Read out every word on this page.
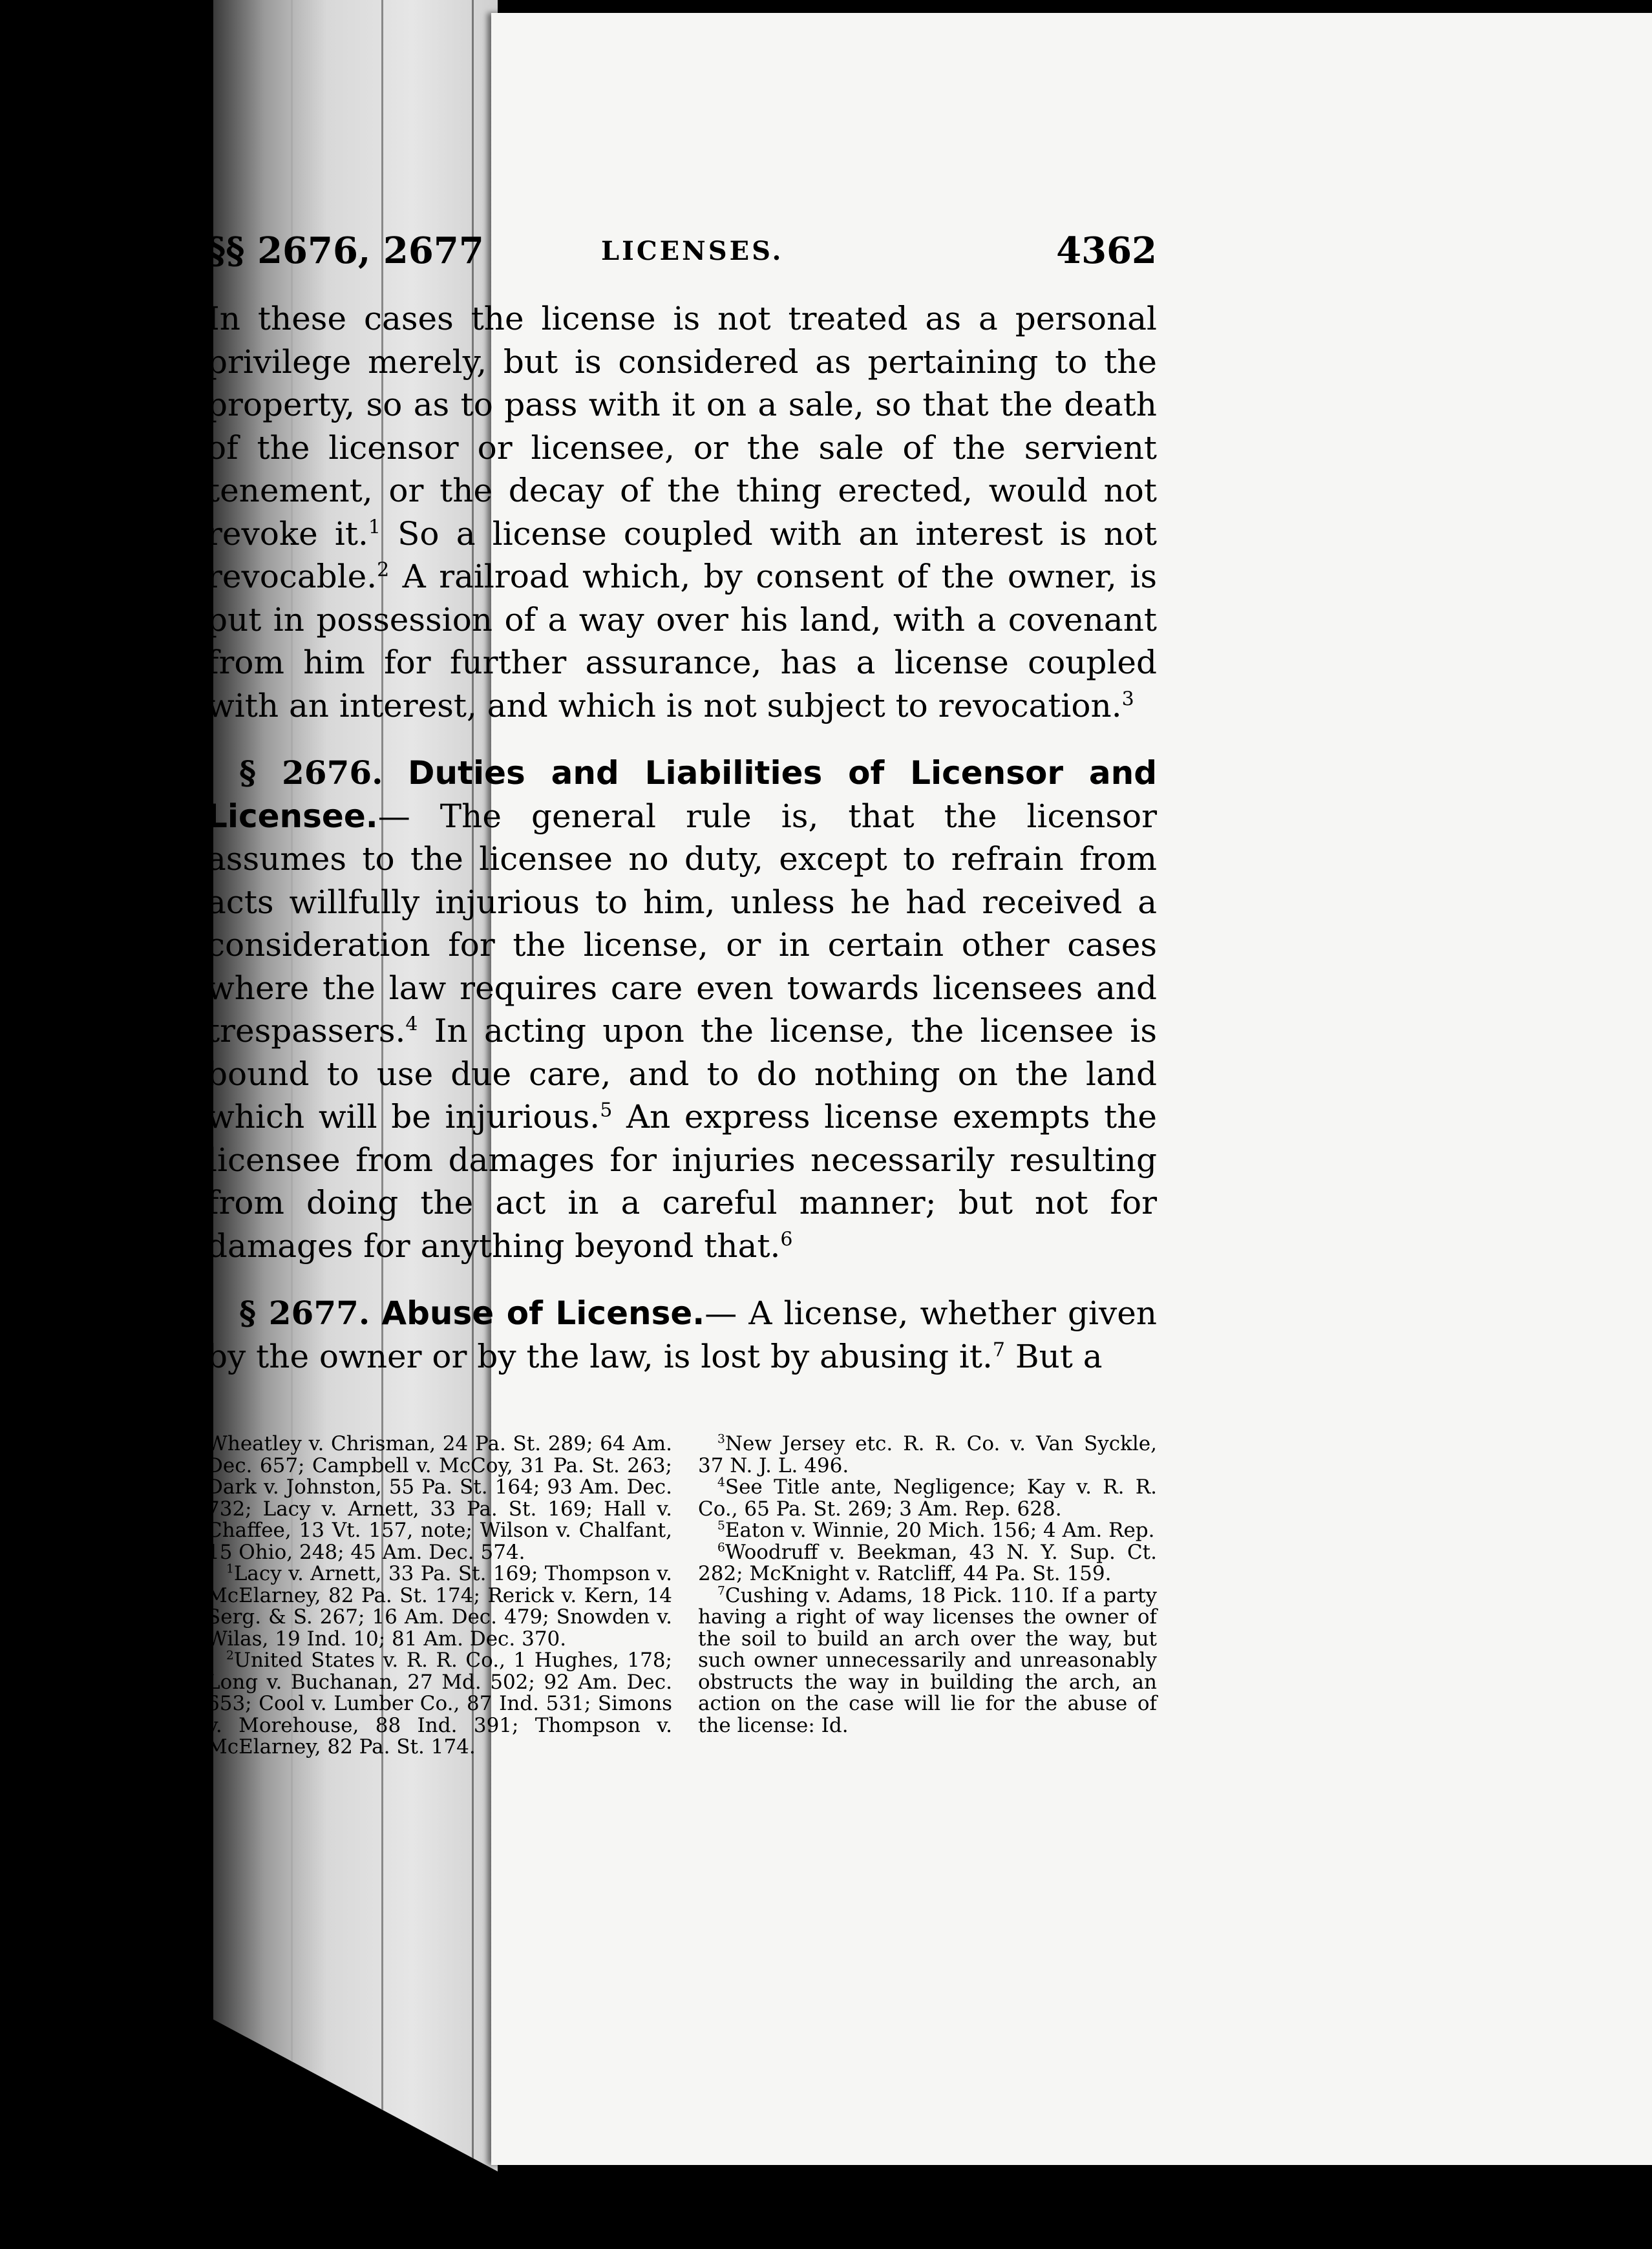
§§ 2676, 2677	LICENSES.	4362

In these cases the license is not treated as a personal privilege merely, but is considered as pertaining to the property, so as to pass with it on a sale, so that the death of the licensor or licensee, or the sale of the servient tenement, or the decay of the thing erected, would not revoke it.$^1$ So a license coupled with an interest is not revocable.$^2$ A railroad which, by consent of the owner, is put in possession of a way over his land, with a covenant from him for further assurance, has a license coupled with an interest, and which is not subject to revocation.$^3$

§ 2676. Duties and Liabilities of Licensor and Licensee.— The general rule is, that the licensor assumes to the licensee no duty, except to refrain from acts willfully injurious to him, unless he had received a consideration for the license, or in certain other cases where the law requires care even towards licensees and trespassers.$^4$ In acting upon the license, the licensee is bound to use due care, and to do nothing on the land which will be injurious.$^5$ An express license exempts the licensee from damages for injuries necessarily resulting from doing the act in a careful manner; but not for damages for anything beyond that.$^6$

§ 2677. Abuse of License.— A license, whether given by the owner or by the law, is lost by abusing it.$^7$ But a

Wheatley v. Chrisman, 24 Pa. St. 289; 64 Am. Dec. 657; Campbell v. McCoy, 31 Pa. St. 263; Dark v. Johnston, 55 Pa. St. 164; 93 Am. Dec. 732; Lacy v. Arnett, 33 Pa. St. 169; Hall v. Chaffee, 13 Vt. 157, note; Wilson v. Chalfant, 15 Ohio, 248; 45 Am. Dec. 574.

$^1$Lacy v. Arnett, 33 Pa. St. 169; Thompson v. McElarney, 82 Pa. St. 174; Rerick v. Kern, 14 Serg. & S. 267; 16 Am. Dec. 479; Snowden v. Wilas, 19 Ind. 10; 81 Am. Dec. 370.

$^2$United States v. R. R. Co., 1 Hughes, 178; Long v. Buchanan, 27 Md. 502; 92 Am. Dec. 653; Cool v. Lumber Co., 87 Ind. 531; Simons v. Morehouse, 88 Ind. 391; Thompson v. McElarney, 82 Pa. St. 174.

$^3$New Jersey etc. R. R. Co. v. Van Syckle, 37 N. J. L. 496.

$^4$See Title ante, Negligence; Kay v. R. R. Co., 65 Pa. St. 269; 3 Am. Rep. 628.

$^5$Eaton v. Winnie, 20 Mich. 156; 4 Am. Rep.

$^6$Woodruff v. Beekman, 43 N. Y. Sup. Ct. 282; McKnight v. Ratcliff, 44 Pa. St. 159.

$^7$Cushing v. Adams, 18 Pick. 110. If a party having a right of way licenses the owner of the soil to build an arch over the way, but such owner unnecessarily and unreasonably obstructs the way in building the arch, an action on the case will lie for the abuse of the license: Id.
